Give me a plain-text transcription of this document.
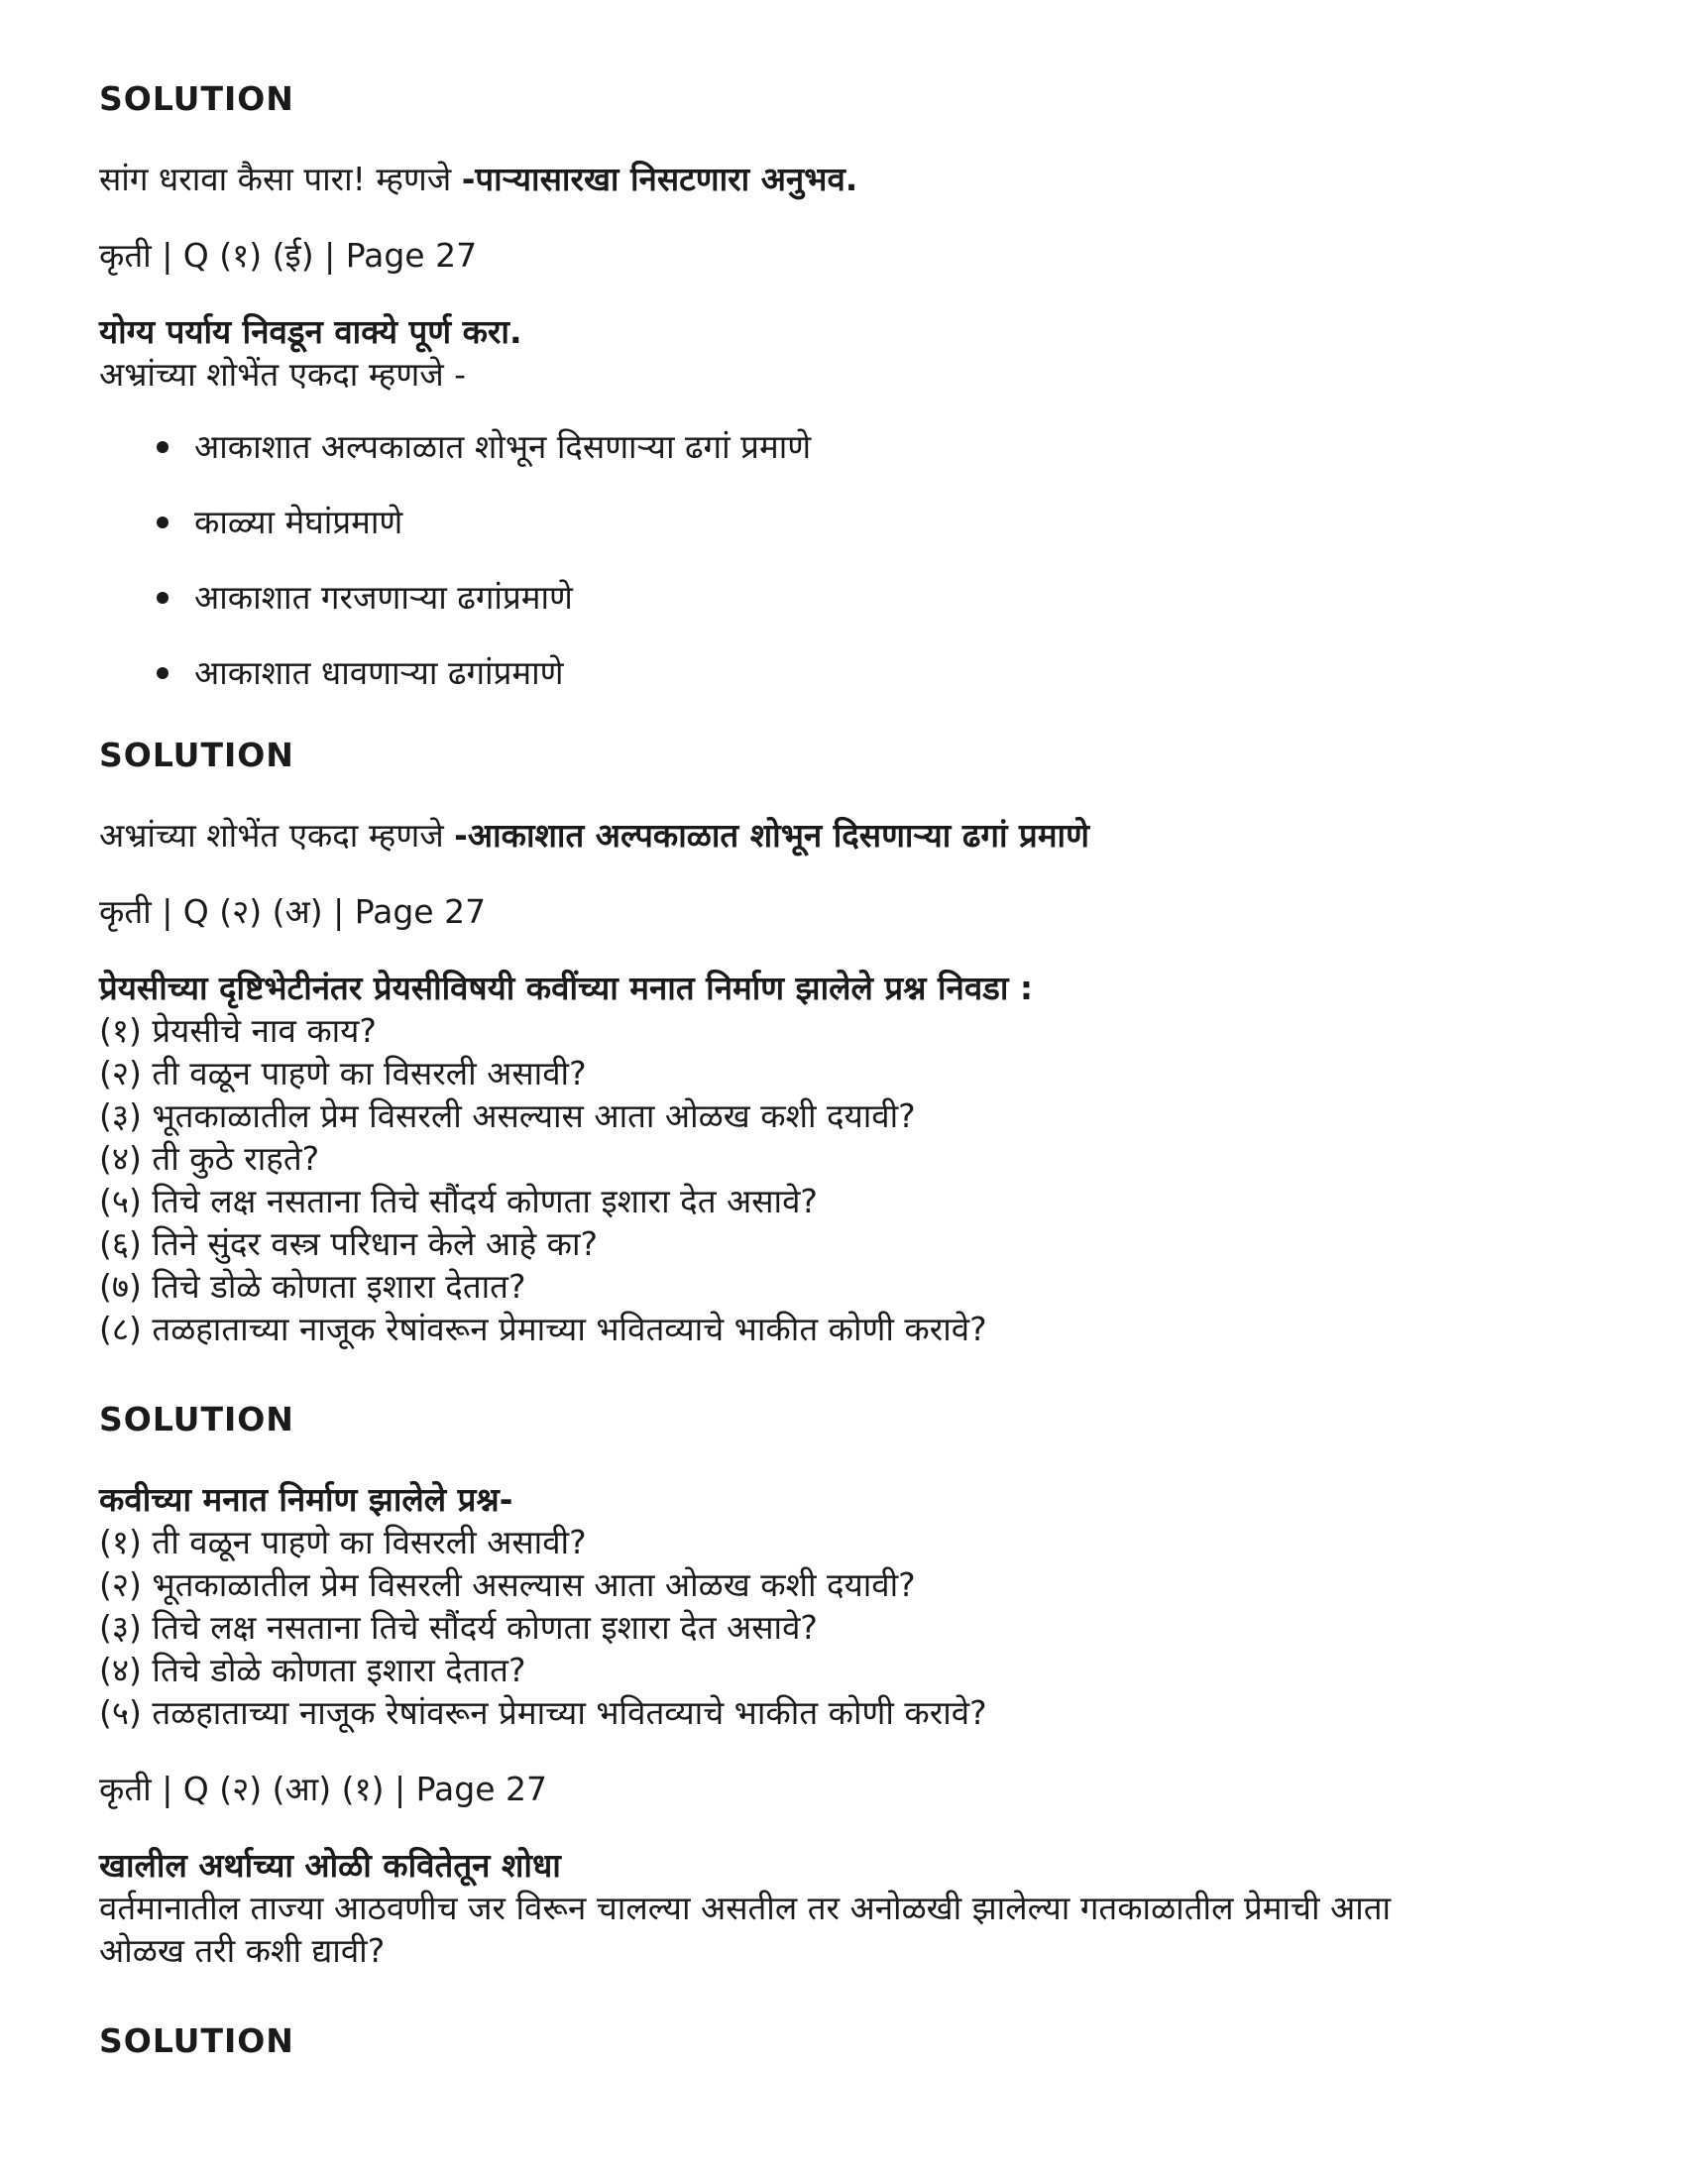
SOLUTION
सांग धरावा कैसा पारा! म्हणजे -पाऱ्यासारखा निसटणारा अनुभव.
कृती | Q (१) (ई) | Page 27
योग्य पर्याय निवडून वाक्ये पूर्ण करा.
अभ्रांच्या शोभेंत एकदा म्हणजे -
आकाशात अल्पकाळात शोभून दिसणाऱ्या ढगां प्रमाणे
काळ्या मेघांप्रमाणे
आकाशात गरजणाऱ्या ढगांप्रमाणे
आकाशात धावणाऱ्या ढगांप्रमाणे
SOLUTION
अभ्रांच्या शोभेंत एकदा म्हणजे -आकाशात अल्पकाळात शोभून दिसणाऱ्या ढगां प्रमाणे
कृती | Q (२) (अ) | Page 27
प्रेयसीच्या दृष्टिभेटीनंतर प्रेयसीविषयी कवींच्या मनात निर्माण झालेले प्रश्न निवडा :
(१) प्रेयसीचे नाव काय?
(२) ती वळून पाहणे का विसरली असावी?
(३) भूतकाळातील प्रेम विसरली असल्यास आता ओळख कशी दयावी?
(४) ती कुठे राहते?
(५) तिचे लक्ष नसताना तिचे सौंदर्य कोणता इशारा देत असावे?
(६) तिने सुंदर वस्त्र परिधान केले आहे का?
(७) तिचे डोळे कोणता इशारा देतात?
(८) तळहाताच्या नाजूक रेषांवरून प्रेमाच्या भवितव्याचे भाकीत कोणी करावे?
SOLUTION
कवीच्या मनात निर्माण झालेले प्रश्न-
(१) ती वळून पाहणे का विसरली असावी?
(२) भूतकाळातील प्रेम विसरली असल्यास आता ओळख कशी दयावी?
(३) तिचे लक्ष नसताना तिचे सौंदर्य कोणता इशारा देत असावे?
(४) तिचे डोळे कोणता इशारा देतात?
(५) तळहाताच्या नाजूक रेषांवरून प्रेमाच्या भवितव्याचे भाकीत कोणी करावे?
कृती | Q (२) (आ) (१) | Page 27
खालील अर्थाच्या ओळी कवितेतून शोधा
वर्तमानातील ताज्या आठवणीच जर विरून चालल्या असतील तर अनोळखी झालेल्या गतकाळातील प्रेमाची आता
ओळख तरी कशी द्यावी?
SOLUTION
